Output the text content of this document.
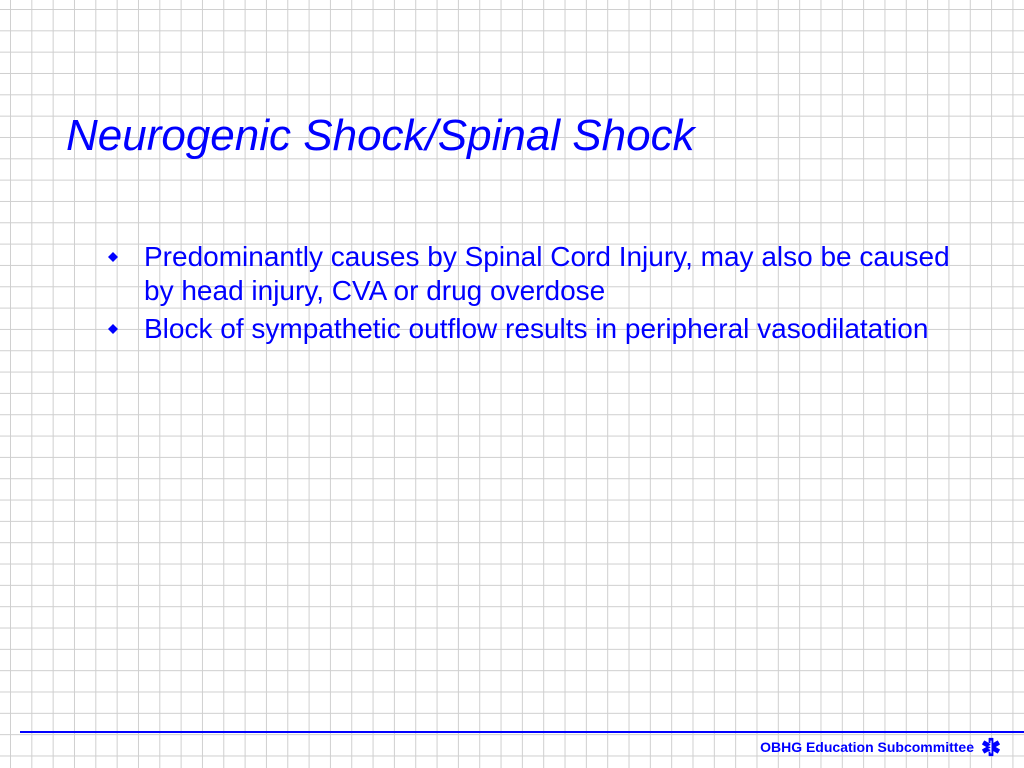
Neurogenic Shock/Spinal Shock
Predominantly causes by Spinal Cord Injury, may also be caused by head injury, CVA or drug overdose
Block of sympathetic outflow results in peripheral vasodilatation
OBHG Education Subcommittee
